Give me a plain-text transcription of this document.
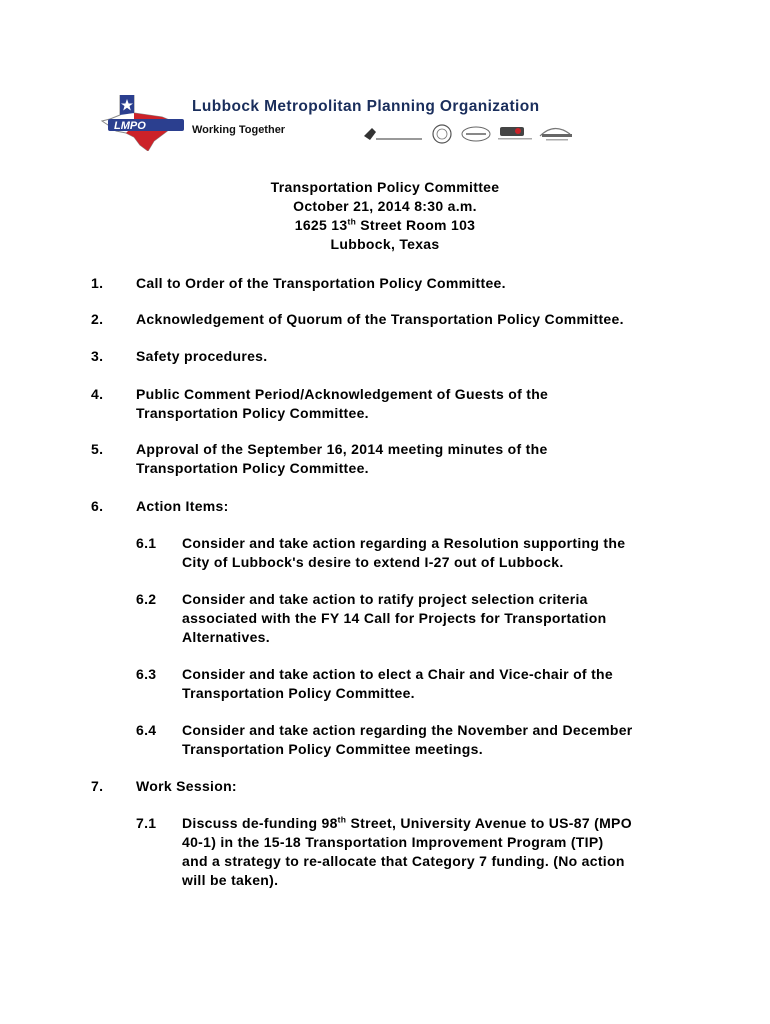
LMPO
Lubbock Metropolitan Planning Organization
Working Together
Transportation Policy Committee
October 21, 2014 8:30 a.m.
1625 13th Street Room 103
Lubbock, Texas
1.	Call to Order of the Transportation Policy Committee.
2.	Acknowledgement of Quorum of the Transportation Policy Committee.
3.	Safety procedures.
4.	Public Comment Period/Acknowledgement of Guests of the
Transportation Policy Committee.
5.	Approval of the September 16, 2014 meeting minutes of the
Transportation Policy Committee.
6.	Action Items:
6.1	Consider and take action regarding a Resolution supporting the
City of Lubbock's desire to extend I-27 out of Lubbock.
6.2	Consider and take action to ratify project selection criteria
associated with the FY 14 Call for Projects for Transportation
Alternatives.
6.3	Consider and take action to elect a Chair and Vice-chair of the
Transportation Policy Committee.
6.4	Consider and take action regarding the November and December
Transportation Policy Committee meetings.
7.	Work Session:
7.1	Discuss de-funding 98th Street, University Avenue to US-87 (MPO
40-1) in the 15-18 Transportation Improvement Program (TIP)
and a strategy to re-allocate that Category 7 funding. (No action
will be taken).
